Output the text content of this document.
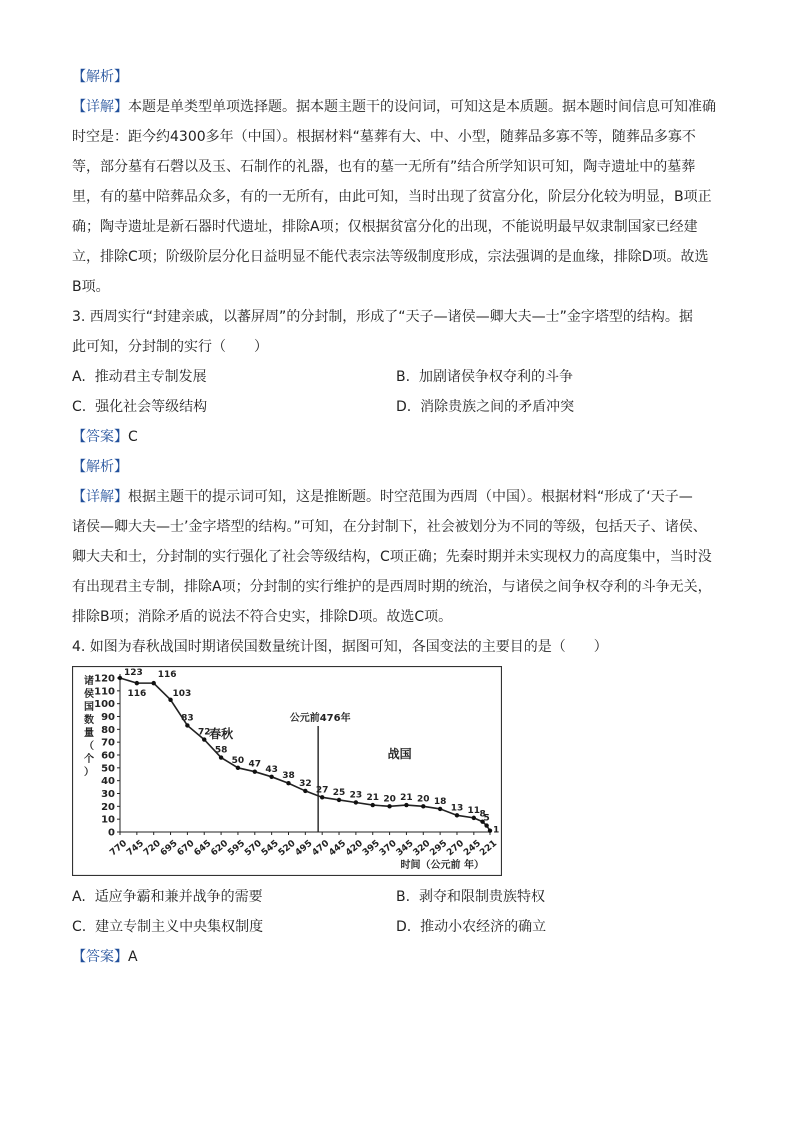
【解析】
【详解】本题是单类型单项选择题。据本题主题干的设问词，可知这是本质题。据本题时间信息可知准确
时空是：距今约4300多年（中国）。根据材料“墓葬有大、中、小型，随葬品多寡不等，随葬品多寡不
等，部分墓有石磬以及玉、石制作的礼器，也有的墓一无所有”结合所学知识可知，陶寺遗址中的墓葬
里，有的墓中陪葬品众多，有的一无所有，由此可知，当时出现了贫富分化，阶层分化较为明显，B项正
确；陶寺遗址是新石器时代遗址，排除A项；仅根据贫富分化的出现，不能说明最早奴隶制国家已经建
立，排除C项；阶级阶层分化日益明显不能代表宗法等级制度形成，宗法强调的是血缘，排除D项。故选
B项。
3. 西周实行“封建亲戚，以蕃屏周”的分封制，形成了“天子—诸侯—卿大夫—士”金字塔型的结构。据
此可知，分封制的实行（　　）
A. 推动君主专制发展	B. 加剧诸侯争权夺利的斗争
C. 强化社会等级结构	D. 消除贵族之间的矛盾冲突
【答案】C
【解析】
【详解】根据主题干的提示词可知，这是推断题。时空范围为西周（中国）。根据材料“形成了‘天子—
诸侯—卿大夫—士’金字塔型的结构。”可知，在分封制下，社会被划分为不同的等级，包括天子、诸侯、
卿大夫和士，分封制的实行强化了社会等级结构，C项正确；先秦时期并未实现权力的高度集中，当时没
有出现君主专制，排除A项；分封制的实行维护的是西周时期的统治，与诸侯之间争权夺利的斗争无关，
排除B项；消除矛盾的说法不符合史实，排除D项。故选C项。
4. 如图为春秋战国时期诸侯国数量统计图，据图可知，各国变法的主要目的是（　　）
0
10
20
30
40
50
60
70
80
90
100
110
120
诸侯国数量（个）
770
745
720
695
670
645
620
595
570
545
520
495
470
445
420
395
370
345
320
295
270
245
221
时间（公元前 年）
公元前476年
春秋
战国
123
116
116
103
83
72
58
50 47
43
38
32
27 25 23 21 20 21 20 18
13 11 8
5
1
A. 适应争霸和兼并战争的需要	B. 剥夺和限制贵族特权
C. 建立专制主义中央集权制度	D. 推动小农经济的确立
【答案】A
